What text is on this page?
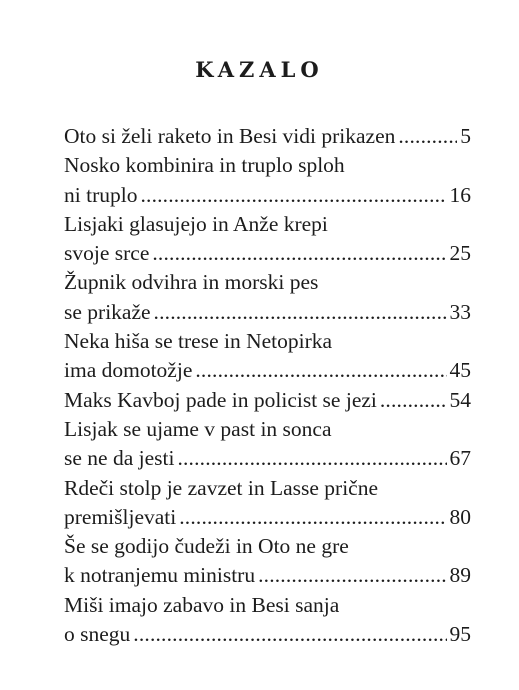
KAZALO
Oto si želi raketo in Besi vidi prikazen . . .	5
Nosko kombinira in truplo sploh
ni truplo . . .	16
Lisjaki glasujejo in Anže krepi
svoje srce . . .	25
Župnik odvihra in morski pes
se prikaže . . .	33
Neka hiša se trese in Netopirka
ima domotožje . . .	45
Maks Kavboj pade in policist se jezi . . .	54
Lisjak se ujame v past in sonca
se ne da jesti . . .	67
Rdeči stolp je zavzet in Lasse prične
premišljevati . . .	80
Še se godijo čudeži in Oto ne gre
k notranjemu ministru . . .	89
Miši imajo zabavo in Besi sanja
o snegu . . .	95
